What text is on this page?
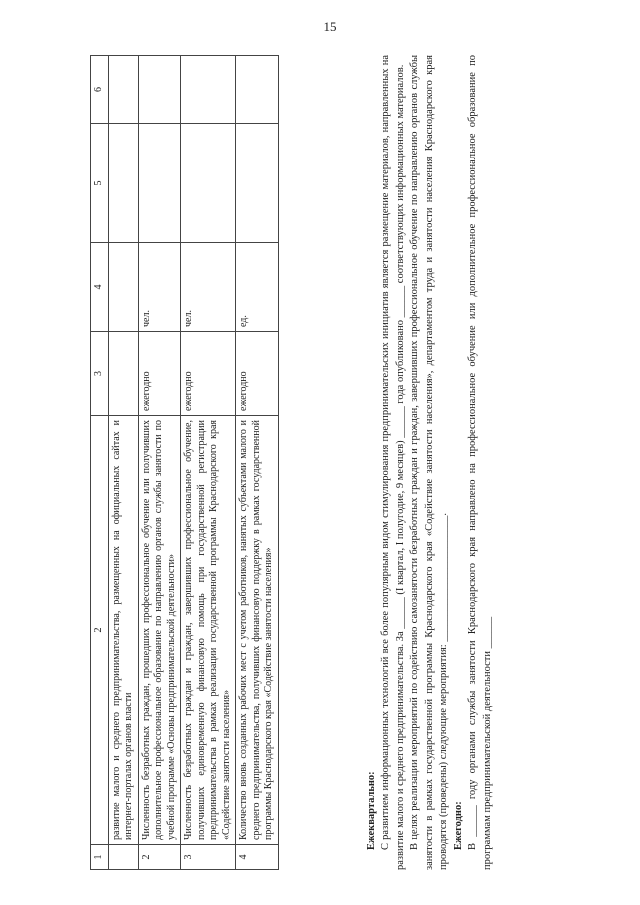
15
1	2	3	4	5	6
	развитие малого и среднего предпринимательства, размещенных на официальных сайтах и интернет-порталах органов власти				
2	Численность безработных граждан, прошедших профессиональное обучение или получивших дополнительное профессиональное образование по направлению органов службы занятости по учебной программе «Основы предпринимательской деятельности»	ежегодно	чел.		
3	Численность безработных граждан и граждан, завершивших профессиональное обучение, получивших единовременную финансовую помощь при государственной регистрации предпринимательства в рамках реализации государственной программы Краснодарского края «Содействие занятости населения»	ежегодно	чел.		
4	Количество вновь созданных рабочих мест с учетом работников, нанятых субъектами малого и среднего предпринимательства, получивших финансовую поддержку в рамках государственной программы Краснодарского края «Содействие занятости населения»	ежегодно	ед.		

Ежеквартально: С развитием информационных технологий все более популярным видом стимулирования предпринимательских инициатив является размещение материалов, направленных на развитие малого и среднего предпринимательства. За ______ (I квартал, I полугодие, 9 месяцев) ______ года опубликовано ______ соответствующих информационных материалов. В целях реализации мероприятий по содействию самозанятости безработных граждан и граждан, завершивших профессиональное обучение по направлению органов службы занятости в рамках государственной программы Краснодарского края «Содействие занятости населения», департаментом труда и занятости населения Краснодарского края проводятся (проведены) следующие мероприятия: ________________________. Ежегодно: В ______ году органами службы занятости Краснодарского края направлено на профессиональное обучение или дополнительное профессиональное образование по программам предпринимательской деятельности ______
